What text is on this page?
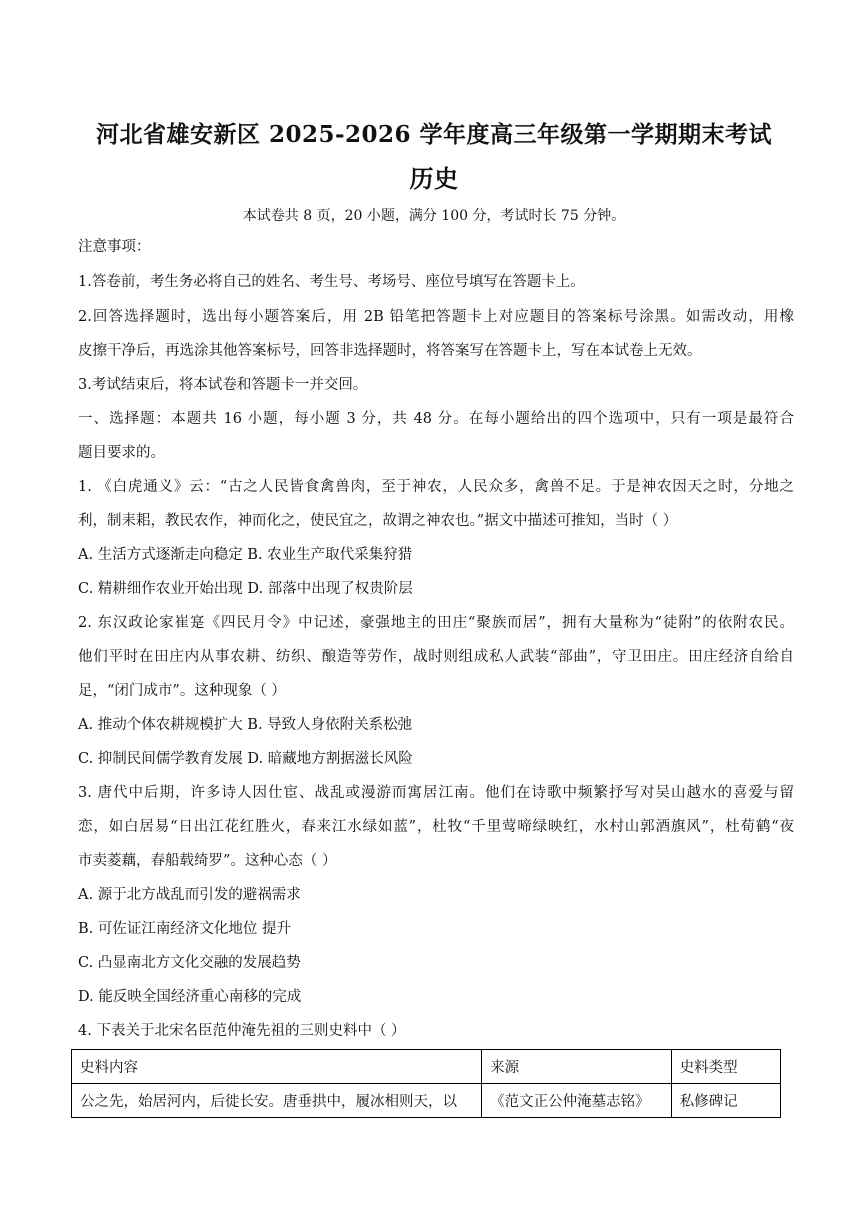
河北省雄安新区 2025-2026 学年度高三年级第一学期期末考试
历史
本试卷共 8 页，20 小题，满分 100 分，考试时长 75 分钟。
注意事项：
1.答卷前，考生务必将自己的姓名、考生号、考场号、座位号填写在答题卡上。
2.回答选择题时，选出每小题答案后，用 2B 铅笔把答题卡上对应题目的答案标号涂黑。如需改动，用橡
皮擦干净后，再选涂其他答案标号，回答非选择题时，将答案写在答题卡上，写在本试卷上无效。
3.考试结束后，将本试卷和答题卡一并交回。
一、选择题：本题共 16 小题，每小题 3 分，共 48 分。在每小题给出的四个选项中，只有一项是最符合
题目要求的。
1. 《白虎通义》云：“古之人民皆食禽兽肉，至于神农，人民众多，禽兽不足。于是神农因天之时，分地之
利，制耒耜，教民农作，神而化之，使民宜之，故谓之神农也。”据文中描述可推知，当时（ ）
A. 生活方式逐渐走向稳定 B. 农业生产取代采集狩猎
C. 精耕细作农业开始出现 D. 部落中出现了权贵阶层
2. 东汉政论家崔寔《四民月令》中记述，豪强地主的田庄“聚族而居”，拥有大量称为“徒附”的依附农民。
他们平时在田庄内从事农耕、纺织、酿造等劳作，战时则组成私人武装“部曲”，守卫田庄。田庄经济自给自
足，“闭门成市”。这种现象（ ）
A. 推动个体农耕规模扩大 B. 导致人身依附关系松弛
C. 抑制民间儒学教育发展 D. 暗藏地方割据滋长风险
3. 唐代中后期，许多诗人因仕宦、战乱或漫游而寓居江南。他们在诗歌中频繁抒写对吴山越水的喜爱与留
恋，如白居易“日出江花红胜火，春来江水绿如蓝”，杜牧“千里莺啼绿映红，水村山郭酒旗风”，杜荀鹤“夜
市卖菱藕，春船载绮罗”。这种心态（ ）
A. 源于北方战乱而引发的避祸需求
B. 可佐证江南经济文化地位 提升
C. 凸显南北方文化交融的发展趋势
D. 能反映全国经济重心南移的完成
4. 下表关于北宋名臣范仲淹先祖的三则史料中（ ）
史料内容	来源	史料类型
公之先，始居河内，后徙长安。唐垂拱中，履冰相则天，以	《范文正公仲淹墓志铭》	私修碑记
